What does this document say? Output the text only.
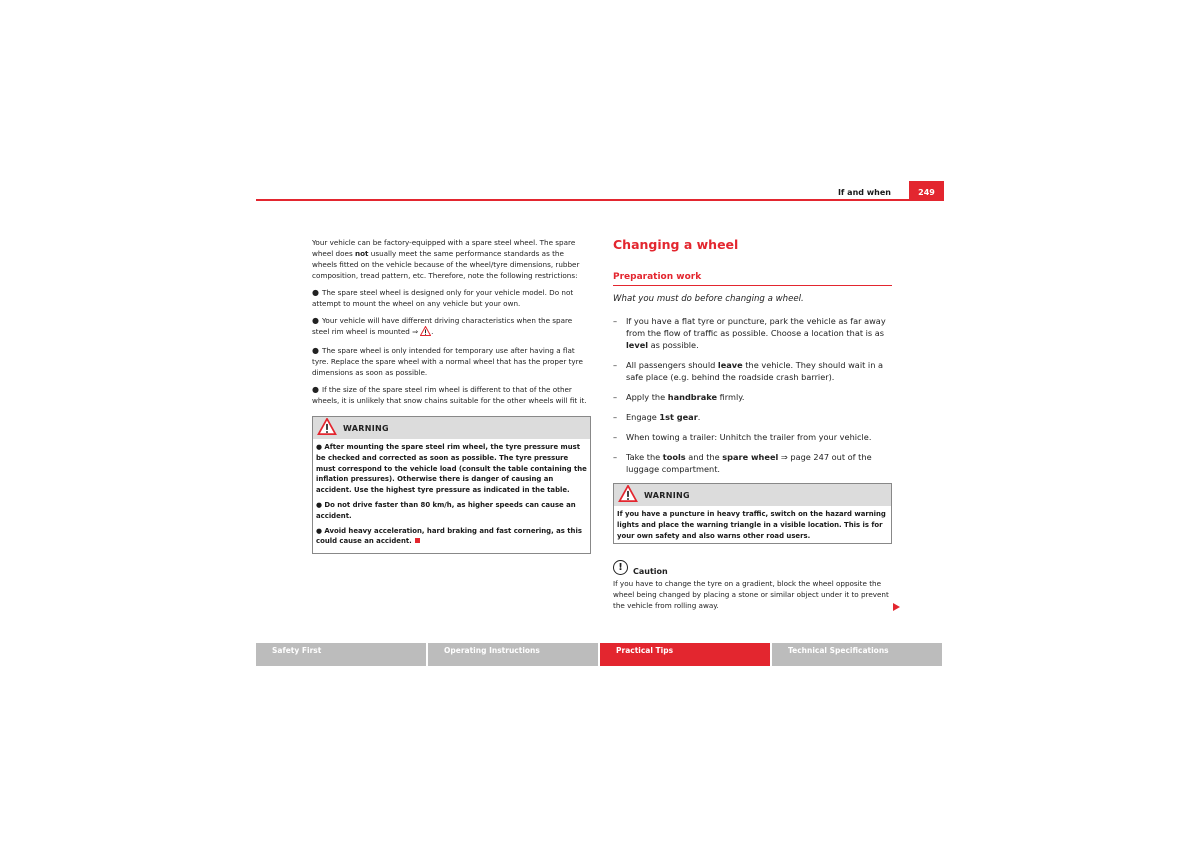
If and when	249

Your vehicle can be factory-equipped with a spare steel wheel. The spare wheel does not usually meet the same performance standards as the wheels fitted on the vehicle because of the wheel/tyre dimensions, rubber composition, tread pattern, etc. Therefore, note the following restrictions:

● The spare steel wheel is designed only for your vehicle model. Do not attempt to mount the wheel on any vehicle but your own.

● Your vehicle will have different driving characteristics when the spare steel rim wheel is mounted ⇒ .

● The spare wheel is only intended for temporary use after having a flat tyre. Replace the spare wheel with a normal wheel that has the proper tyre dimensions as soon as possible.

● If the size of the spare steel rim wheel is different to that of the other wheels, it is unlikely that snow chains suitable for the other wheels will fit it.

WARNING
● After mounting the spare steel rim wheel, the tyre pressure must be checked and corrected as soon as possible. The tyre pressure must correspond to the vehicle load (consult the table containing the inflation pressures). Otherwise there is danger of causing an accident. Use the highest tyre pressure as indicated in the table.
● Do not drive faster than 80 km/h, as higher speeds can cause an accident.
● Avoid heavy acceleration, hard braking and fast cornering, as this could cause an accident.
Changing a wheel
Preparation work

What you must do before changing a wheel.

–	If you have a flat tyre or puncture, park the vehicle as far away from the flow of traffic as possible. Choose a location that is as level as possible.
–	All passengers should leave the vehicle. They should wait in a safe place (e.g. behind the roadside crash barrier).
–	Apply the handbrake firmly.
–	Engage 1st gear.
–	When towing a trailer: Unhitch the trailer from your vehicle.
–	Take the tools and the spare wheel ⇒ page 247 out of the luggage compartment.
WARNING
If you have a puncture in heavy traffic, switch on the hazard warning lights and place the warning triangle in a visible location. This is for your own safety and also warns other road users.
!	Caution

If you have to change the tyre on a gradient, block the wheel opposite the wheel being changed by placing a stone or similar object under it to prevent the vehicle from rolling away.

Safety First	Operating Instructions	Practical Tips	Technical Specifications
